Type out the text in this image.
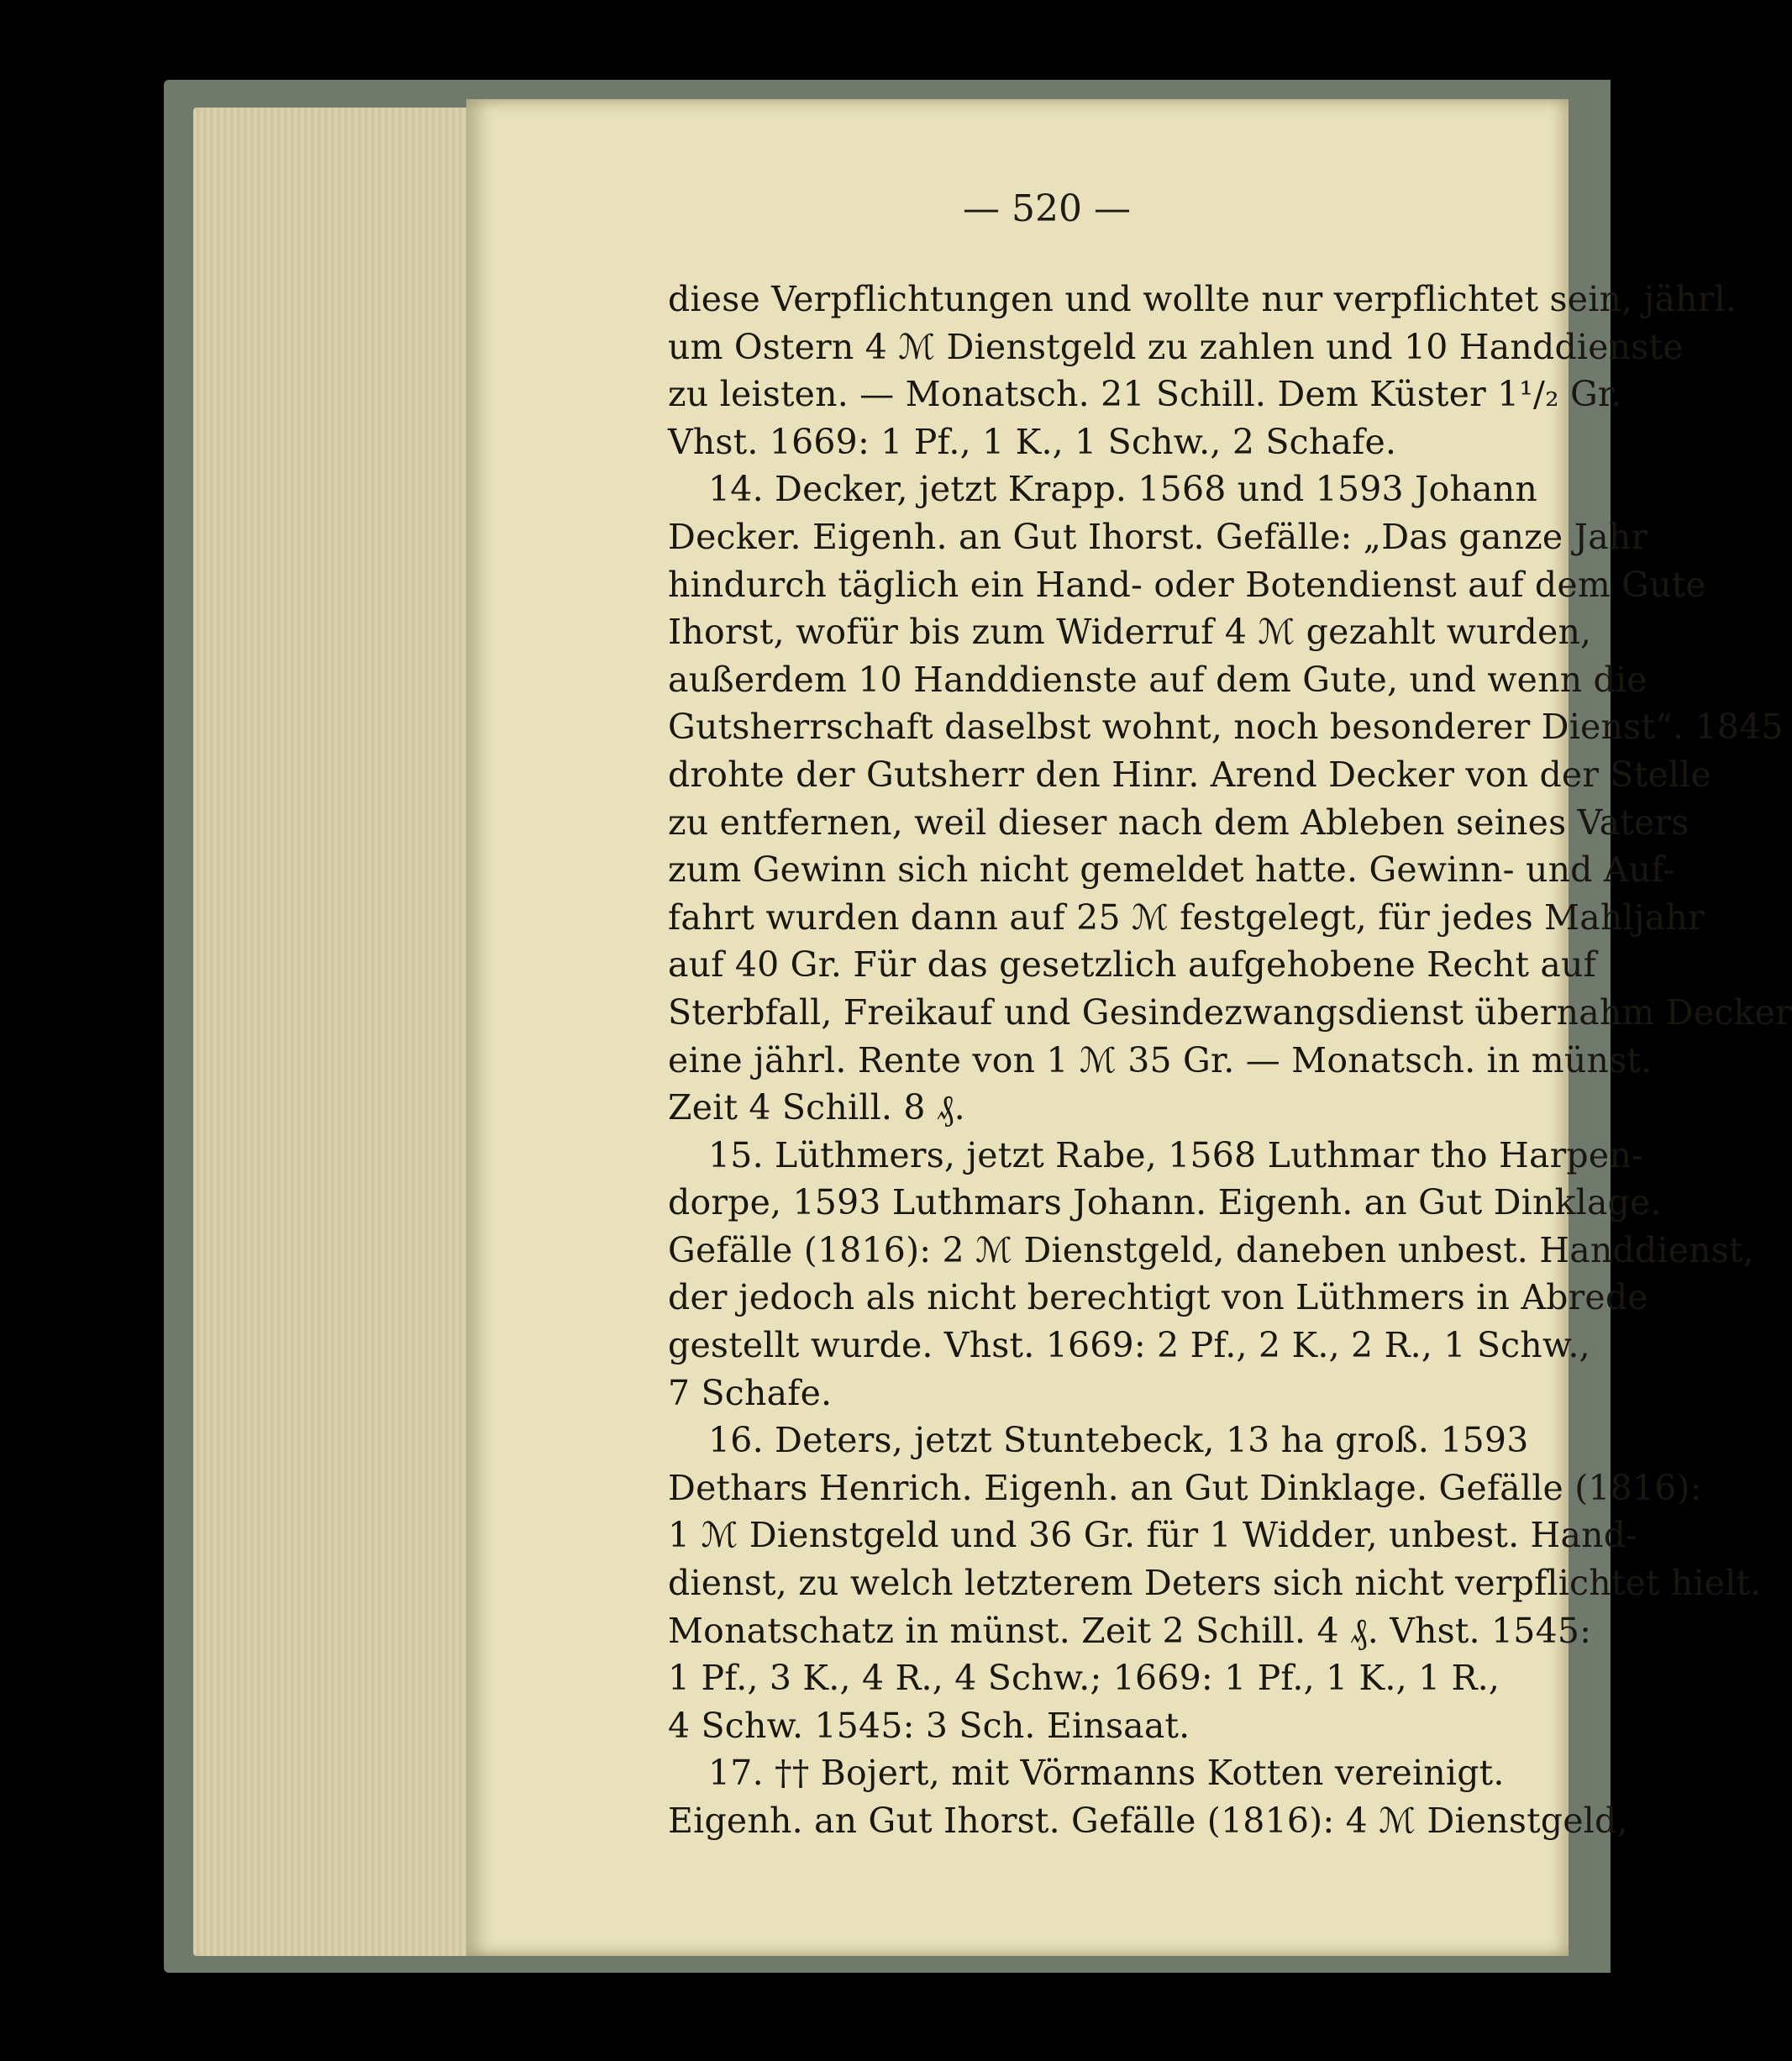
— 520 —
diese Verpflichtungen und wollte nur verpflichtet sein, jährl.
um Ostern 4 ℳ Dienstgeld zu zahlen und 10 Handdienste
zu leisten. — Monatsch. 21 Schill. Dem Küster 1¹/₂ Gr.
Vhst. 1669: 1 Pf., 1 K., 1 Schw., 2 Schafe.
14. Decker, jetzt Krapp. 1568 und 1593 Johann
Decker. Eigenh. an Gut Ihorst. Gefälle: „Das ganze Jahr
hindurch täglich ein Hand- oder Botendienst auf dem Gute
Ihorst, wofür bis zum Widerruf 4 ℳ gezahlt wurden,
außerdem 10 Handdienste auf dem Gute, und wenn die
Gutsherrschaft daselbst wohnt, noch besonderer Dienst“. 1845
drohte der Gutsherr den Hinr. Arend Decker von der Stelle
zu entfernen, weil dieser nach dem Ableben seines Vaters
zum Gewinn sich nicht gemeldet hatte. Gewinn- und Auf-
fahrt wurden dann auf 25 ℳ festgelegt, für jedes Mahljahr
auf 40 Gr. Für das gesetzlich aufgehobene Recht auf
Sterbfall, Freikauf und Gesindezwangsdienst übernahm Decker
eine jährl. Rente von 1 ℳ 35 Gr. — Monatsch. in münst.
Zeit 4 Schill. 8 ₰.
15. Lüthmers, jetzt Rabe, 1568 Luthmar tho Harpen-
dorpe, 1593 Luthmars Johann. Eigenh. an Gut Dinklage.
Gefälle (1816): 2 ℳ Dienstgeld, daneben unbest. Handdienst,
der jedoch als nicht berechtigt von Lüthmers in Abrede
gestellt wurde. Vhst. 1669: 2 Pf., 2 K., 2 R., 1 Schw.,
7 Schafe.
16. Deters, jetzt Stuntebeck, 13 ha groß. 1593
Dethars Henrich. Eigenh. an Gut Dinklage. Gefälle (1816):
1 ℳ Dienstgeld und 36 Gr. für 1 Widder, unbest. Hand-
dienst, zu welch letzterem Deters sich nicht verpflichtet hielt.
Monatschatz in münst. Zeit 2 Schill. 4 ₰. Vhst. 1545:
1 Pf., 3 K., 4 R., 4 Schw.; 1669: 1 Pf., 1 K., 1 R.,
4 Schw. 1545: 3 Sch. Einsaat.
17. †† Bojert, mit Vörmanns Kotten vereinigt.
Eigenh. an Gut Ihorst. Gefälle (1816): 4 ℳ Dienstgeld,
